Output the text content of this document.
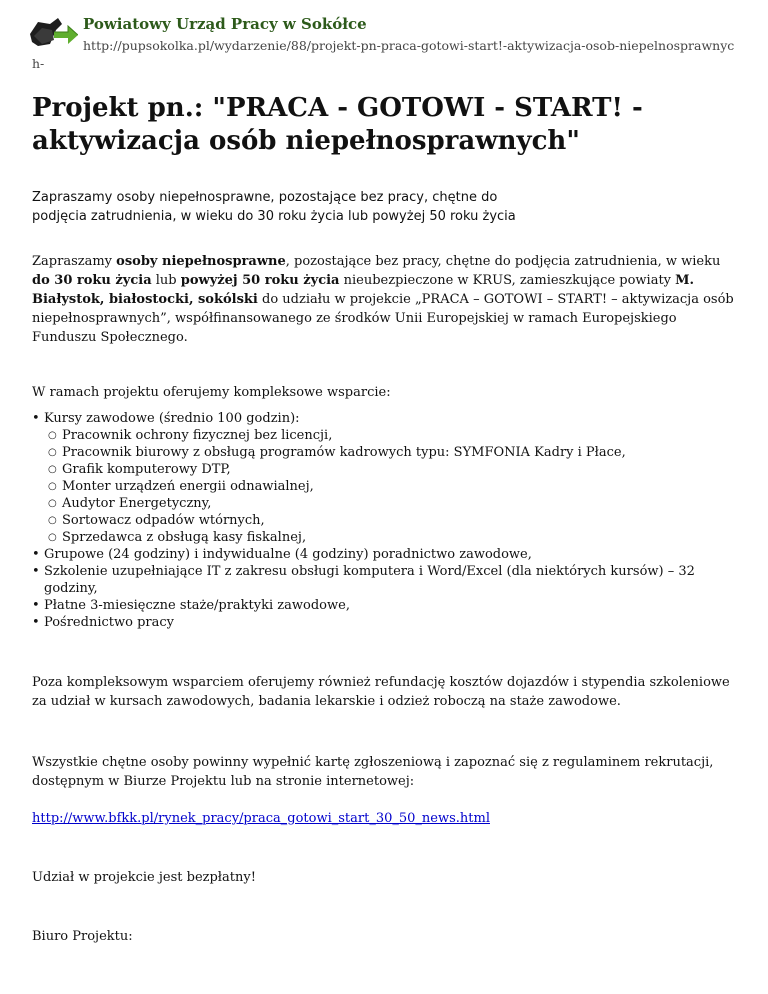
Powiatowy Urząd Pracy w Sokółce
http://pupsokolka.pl/wydarzenie/88/projekt-pn-praca-gotowi-start!-aktywizacja-osob-niepelnosprawnyc
h-
Projekt pn.: "PRACA - GOTOWI - START! - aktywizacja osób niepełnosprawnych"
Zapraszamy osoby niepełnosprawne, pozostające bez pracy, chętne do podjęcia zatrudnienia, w wieku do 30 roku życia lub powyżej 50 roku życia

Zapraszamy osoby niepełnosprawne, pozostające bez pracy, chętne do podjęcia zatrudnienia, w wieku do 30 roku życia lub powyżej 50 roku życia nieubezpieczone w KRUS, zamieszkujące powiaty M. Białystok, białostocki, sokólski do udziału w projekcie „PRACA – GOTOWI – START! – aktywizacja osób niepełnosprawnych”, współfinansowanego ze środków Unii Europejskiej w ramach Europejskiego Funduszu Społecznego.

W ramach projektu oferujemy kompleksowe wsparcie:

• Kursy zawodowe (średnio 100 godzin):
○ Pracownik ochrony fizycznej bez licencji,
○ Pracownik biurowy z obsługą programów kadrowych typu: SYMFONIA Kadry i Płace,
○ Grafik komputerowy DTP,
○ Monter urządzeń energii odnawialnej,
○ Audytor Energetyczny,
○ Sortowacz odpadów wtórnych,
○ Sprzedawca z obsługą kasy fiskalnej,
• Grupowe (24 godziny) i indywidualne (4 godziny) poradnictwo zawodowe,
• Szkolenie uzupełniające IT z zakresu obsługi komputera i Word/Excel (dla niektórych kursów) – 32 godziny,
• Płatne 3-miesięczne staże/praktyki zawodowe,
• Pośrednictwo pracy

Poza kompleksowym wsparciem oferujemy również refundację kosztów dojazdów i stypendia szkoleniowe za udział w kursach zawodowych, badania lekarskie i odzież roboczą na staże zawodowe.

Wszystkie chętne osoby powinny wypełnić kartę zgłoszeniową i zapoznać się z regulaminem rekrutacji, dostępnym w Biurze Projektu lub na stronie internetowej:

http://www.bfkk.pl/rynek_pracy/praca_gotowi_start_30_50_news.html

Udział w projekcie jest bezpłatny!

Biuro Projektu:
